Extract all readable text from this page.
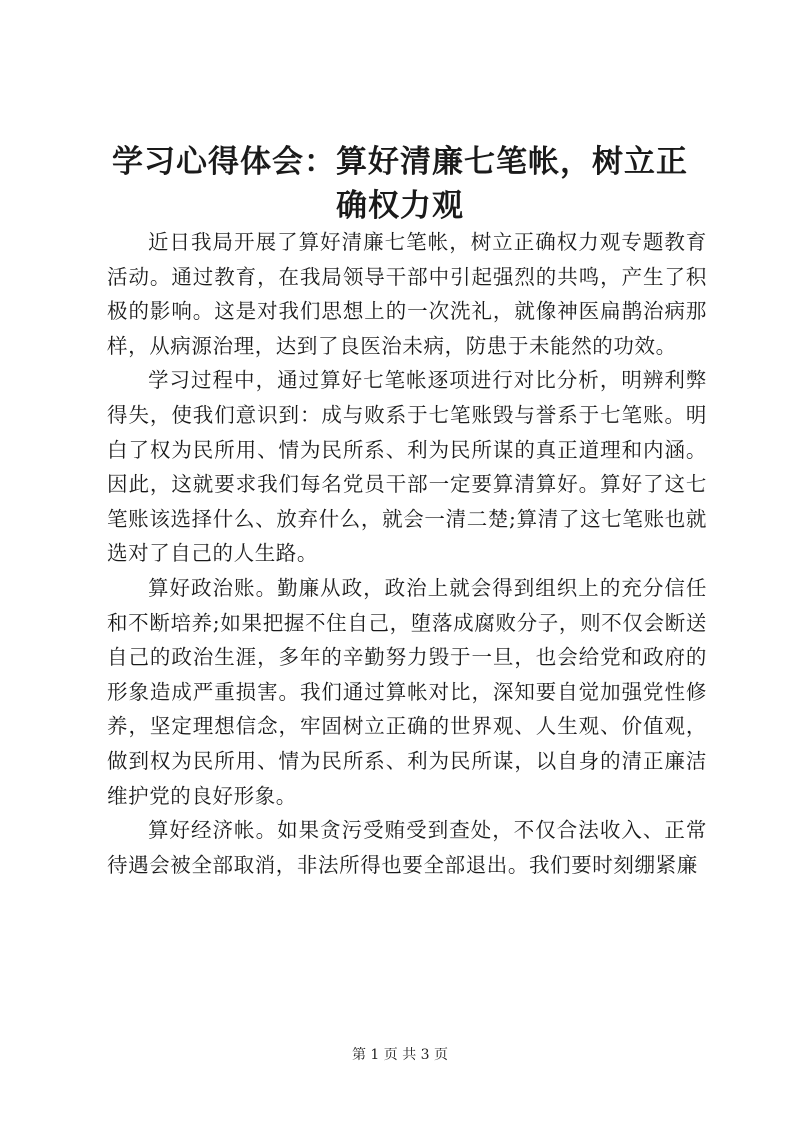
学习心得体会：算好清廉七笔帐，树立正确权力观

近日我局开展了算好清廉七笔帐，树立正确权力观专题教育活动。通过教育，在我局领导干部中引起强烈的共鸣，产生了积极的影响。这是对我们思想上的一次洗礼，就像神医扁鹊治病那样，从病源治理，达到了良医治未病，防患于未能然的功效。

学习过程中，通过算好七笔帐逐项进行对比分析，明辨利弊得失，使我们意识到：成与败系于七笔账毁与誉系于七笔账。明白了权为民所用、情为民所系、利为民所谋的真正道理和内涵。因此，这就要求我们每名党员干部一定要算清算好。算好了这七笔账该选择什么、放弃什么，就会一清二楚;算清了这七笔账也就选对了自己的人生路。

算好政治账。勤廉从政，政治上就会得到组织上的充分信任和不断培养;如果把握不住自己，堕落成腐败分子，则不仅会断送自己的政治生涯，多年的辛勤努力毁于一旦，也会给党和政府的形象造成严重损害。我们通过算帐对比，深知要自觉加强党性修养，坚定理想信念，牢固树立正确的世界观、人生观、价值观，做到权为民所用、情为民所系、利为民所谋，以自身的清正廉洁维护党的良好形象。

算好经济帐。如果贪污受贿受到查处，不仅合法收入、正常待遇会被全部取消，非法所得也要全部退出。我们要时刻绷紧廉

第 1 页 共 3 页
